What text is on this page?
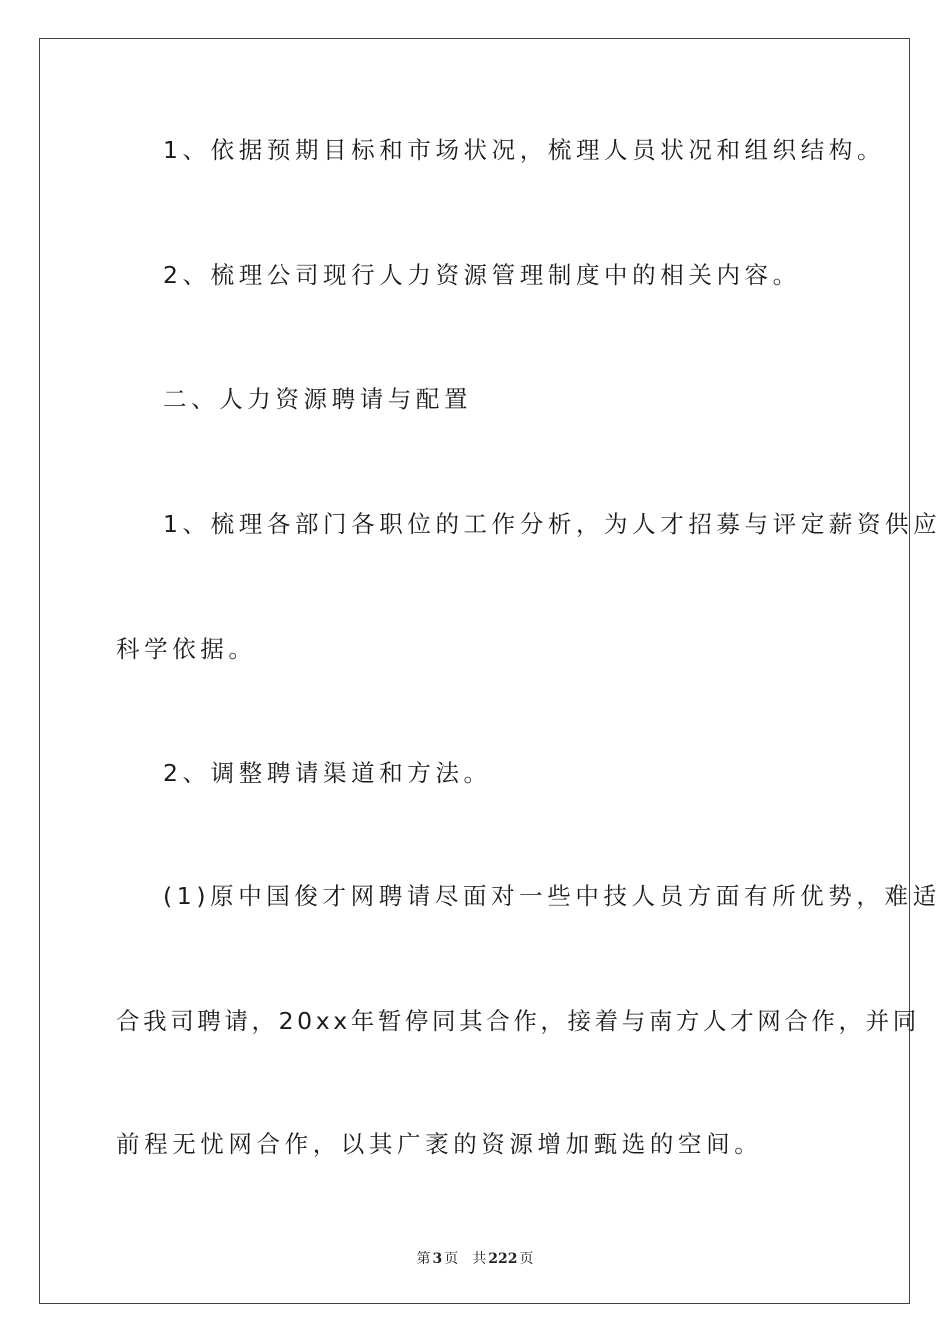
1、依据预期目标和市场状况，梳理人员状况和组织结构。
2、梳理公司现行人力资源管理制度中的相关内容。
二、人力资源聘请与配置
1、梳理各部门各职位的工作分析，为人才招募与评定薪资供应
科学依据。
2、调整聘请渠道和方法。
(1)原中国俊才网聘请尽面对一些中技人员方面有所优势，难适
合我司聘请，20xx年暂停同其合作，接着与南方人才网合作，并同
前程无忧网合作，以其广袤的资源增加甄选的空间。
第 3 页 共 222 页
